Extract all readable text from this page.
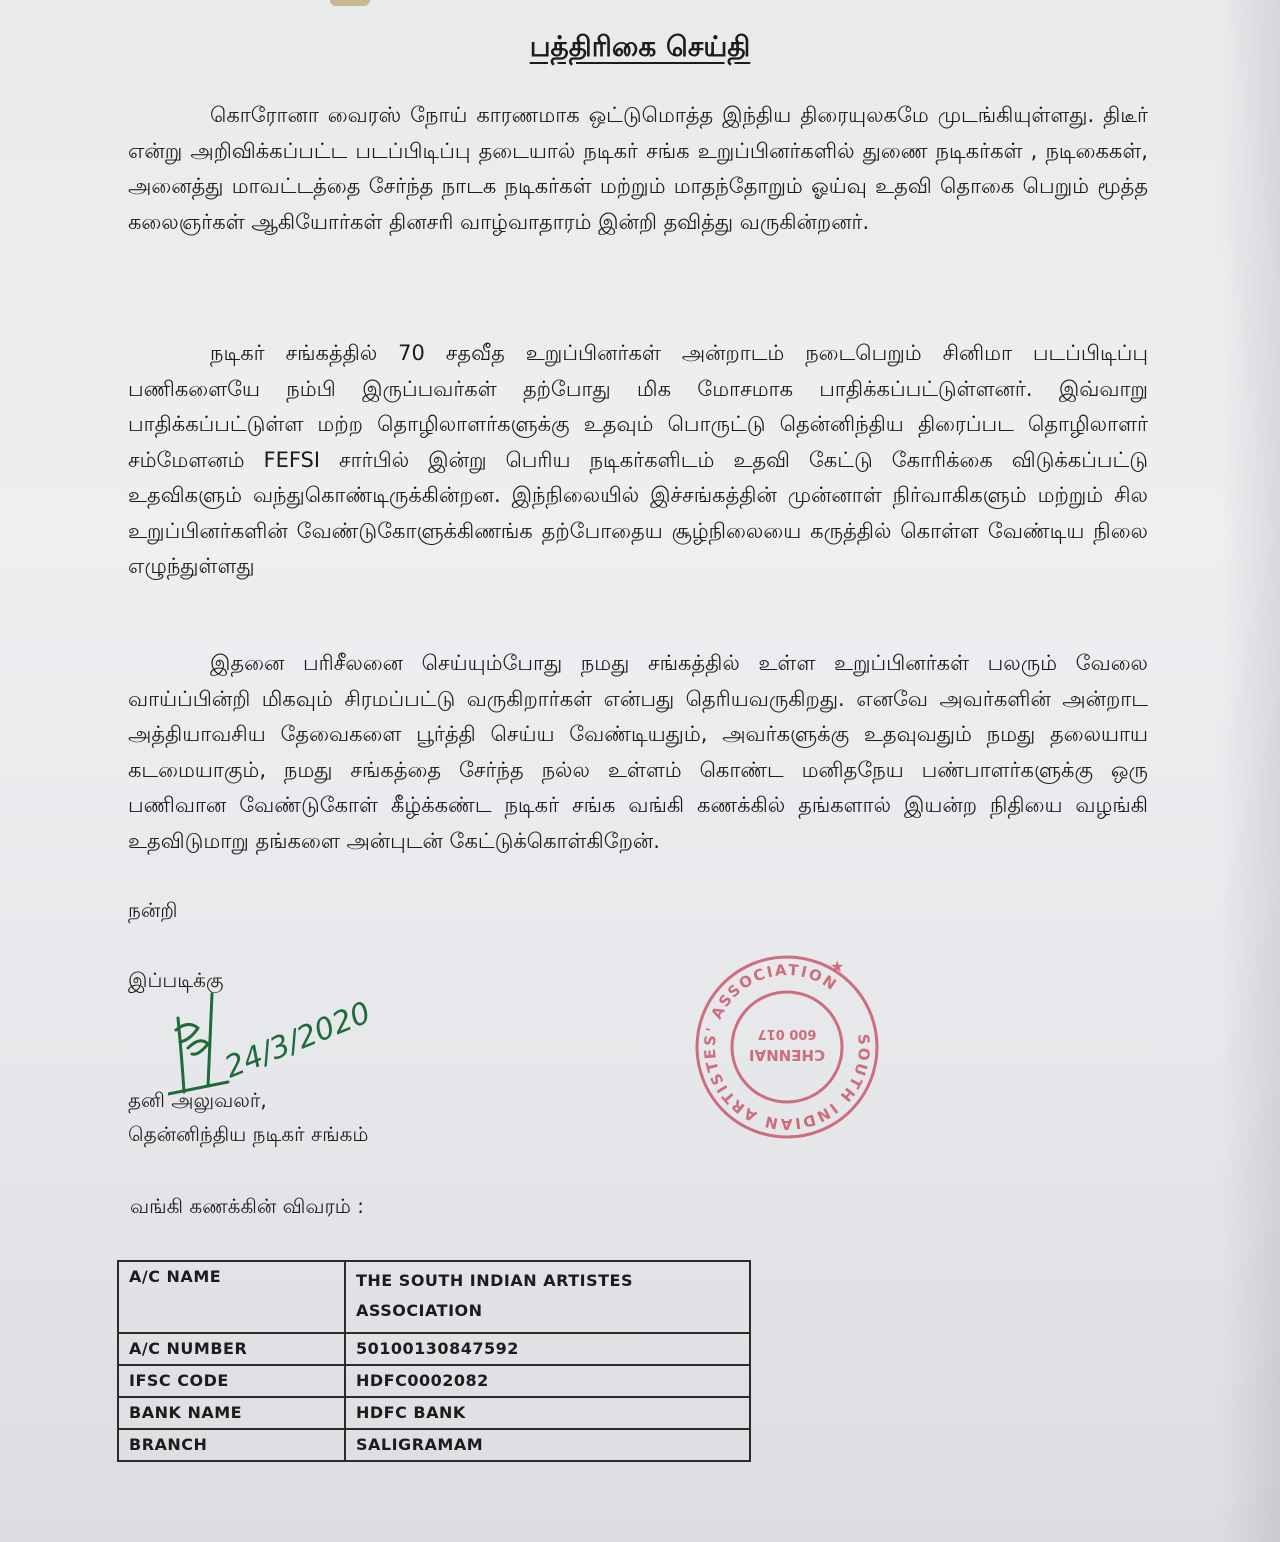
பத்திரிகை செய்தி

கொரோனா வைரஸ் நோய் காரணமாக ஒட்டுமொத்த இந்திய திரையுலகமே முடங்கியுள்ளது. திடீர் என்று அறிவிக்கப்பட்ட படப்பிடிப்பு தடையால் நடிகர் சங்க உறுப்பினர்களில் துணை நடிகர்கள் , நடிகைகள், அனைத்து மாவட்டத்தை சேர்ந்த நாடக நடிகர்கள் மற்றும் மாதந்தோறும் ஓய்வு உதவி தொகை பெறும் மூத்த கலைஞர்கள் ஆகியோர்கள் தினசரி வாழ்வாதாரம் இன்றி தவித்து வருகின்றனர்.

நடிகர் சங்கத்தில் 70 சதவீத உறுப்பினர்கள் அன்றாடம் நடைபெறும் சினிமா படப்பிடிப்பு பணிகளையே நம்பி இருப்பவர்கள் தற்போது மிக மோசமாக பாதிக்கப்பட்டுள்ளனர். இவ்வாறு பாதிக்கப்பட்டுள்ள மற்ற தொழிலாளர்களுக்கு உதவும் பொருட்டு தென்னிந்திய திரைப்பட தொழிலாளர் சம்மேளனம் FEFSI சார்பில் இன்று பெரிய நடிகர்களிடம் உதவி கேட்டு கோரிக்கை விடுக்கப்பட்டு உதவிகளும் வந்துகொண்டிருக்கின்றன. இந்நிலையில் இச்சங்கத்தின் முன்னாள் நிர்வாகிகளும் மற்றும் சில உறுப்பினர்களின் வேண்டுகோளுக்கிணங்க தற்போதைய சூழ்நிலையை கருத்தில் கொள்ள வேண்டிய நிலை எழுந்துள்ளது

இதனை பரிசீலனை செய்யும்போது நமது சங்கத்தில் உள்ள உறுப்பினர்கள் பலரும் வேலை வாய்ப்பின்றி மிகவும் சிரமப்பட்டு வருகிறார்கள் என்பது தெரியவருகிறது. எனவே அவர்களின் அன்றாட அத்தியாவசிய தேவைகளை பூர்த்தி செய்ய வேண்டியதும், அவர்களுக்கு உதவுவதும் நமது தலையாய கடமையாகும், நமது சங்கத்தை சேர்ந்த நல்ல உள்ளம் கொண்ட மனிதநேய பண்பாளர்களுக்கு ஒரு பணிவான வேண்டுகோள் கீழ்க்கண்ட நடிகர் சங்க வங்கி கணக்கில் தங்களால் இயன்ற நிதியை வழங்கி உதவிடுமாறு தங்களை அன்புடன் கேட்டுக்கொள்கிறேன்.

நன்றி

இப்படிக்கு

24/3/2020	SOUTH INDIAN ARTISTES' ASSOCIATION
CHENNAI
600 017
★

தனி அலுவலர்,

தென்னிந்திய நடிகர் சங்கம்

வங்கி கணக்கின் விவரம் :

A/C NAME	THE SOUTH INDIAN ARTISTES ASSOCIATION
A/C NUMBER	50100130847592
IFSC CODE	HDFC0002082
BANK NAME	HDFC BANK
BRANCH	SALIGRAMAM
